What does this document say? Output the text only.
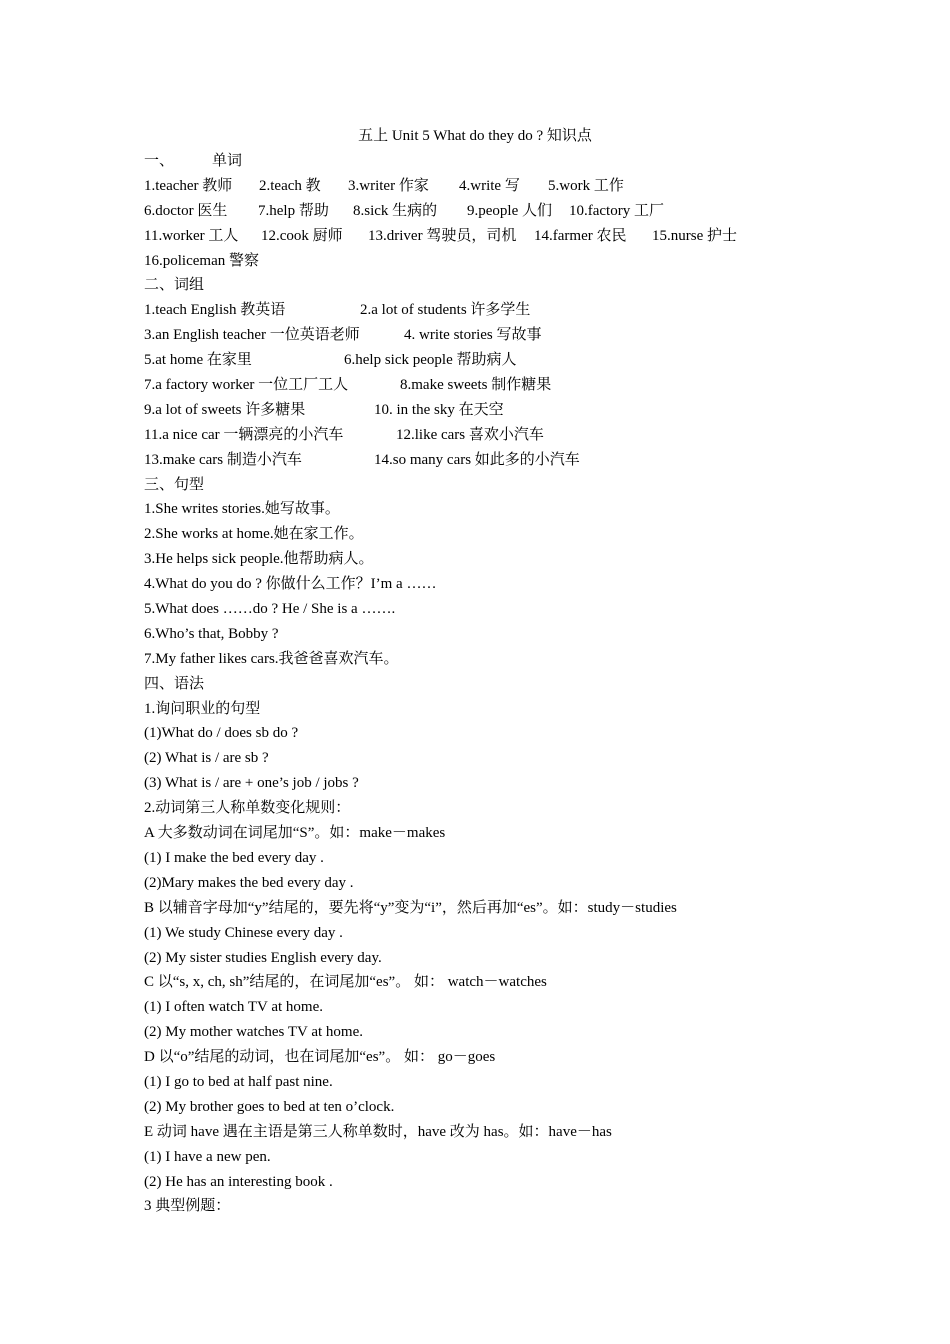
五上 Unit 5 What do they do ? 知识点
一、	单词
1.teacher 教师 2.teach 教 3.writer 作家 4.write 写 5.work 工作
6.doctor 医生 7.help 帮助 8.sick 生病的 9.people 人们 10.factory 工厂
11.worker 工人 12.cook 厨师 13.driver 驾驶员，司机 14.farmer 农民 15.nurse 护士
16.policeman 警察
二、词组
1.teach English 教英语	2.a lot of students 许多学生
3.an English teacher 一位英语老师	4. write stories 写故事
5.at home 在家里	6.help sick people 帮助病人
7.a factory worker 一位工厂工人	8.make sweets 制作糖果
9.a lot of sweets 许多糖果	10. in the sky 在天空
11.a nice car 一辆漂亮的小汽车	12.like cars 喜欢小汽车
13.make cars 制造小汽车	14.so many cars 如此多的小汽车
三、句型
1.She writes stories.她写故事。
2.She works at home.她在家工作。
3.He helps sick people.他帮助病人。
4.What do you do ? 你做什么工作？I’m a ……
5.What does ……do ? He / She is a …….
6.Who’s that, Bobby ?
7.My father likes cars.我爸爸喜欢汽车。
四、语法
1.询问职业的句型
(1)What do / does sb do ?
(2) What is / are sb ?
(3) What is / are + one’s job / jobs ?
2.动词第三人称单数变化规则：
A 大多数动词在词尾加“S”。如：make－makes
(1) I make the bed every day .
(2)Mary makes the bed every day .
B 以辅音字母加“y”结尾的，要先将“y”变为“i”，然后再加“es”。如：study－studies
(1) We study Chinese every day .
(2) My sister studies English every day.
C 以“s, x, ch, sh”结尾的，在词尾加“es”。 如： watch－watches
(1) I often watch TV at home.
(2) My mother watches TV at home.
D 以“o”结尾的动词，也在词尾加“es”。 如： go－goes
(1) I go to bed at half past nine.
(2) My brother goes to bed at ten o’clock.
E 动词 have 遇在主语是第三人称单数时，have 改为 has。如：have－has
(1) I have a new pen.
(2) He has an interesting book .
3 典型例题：
